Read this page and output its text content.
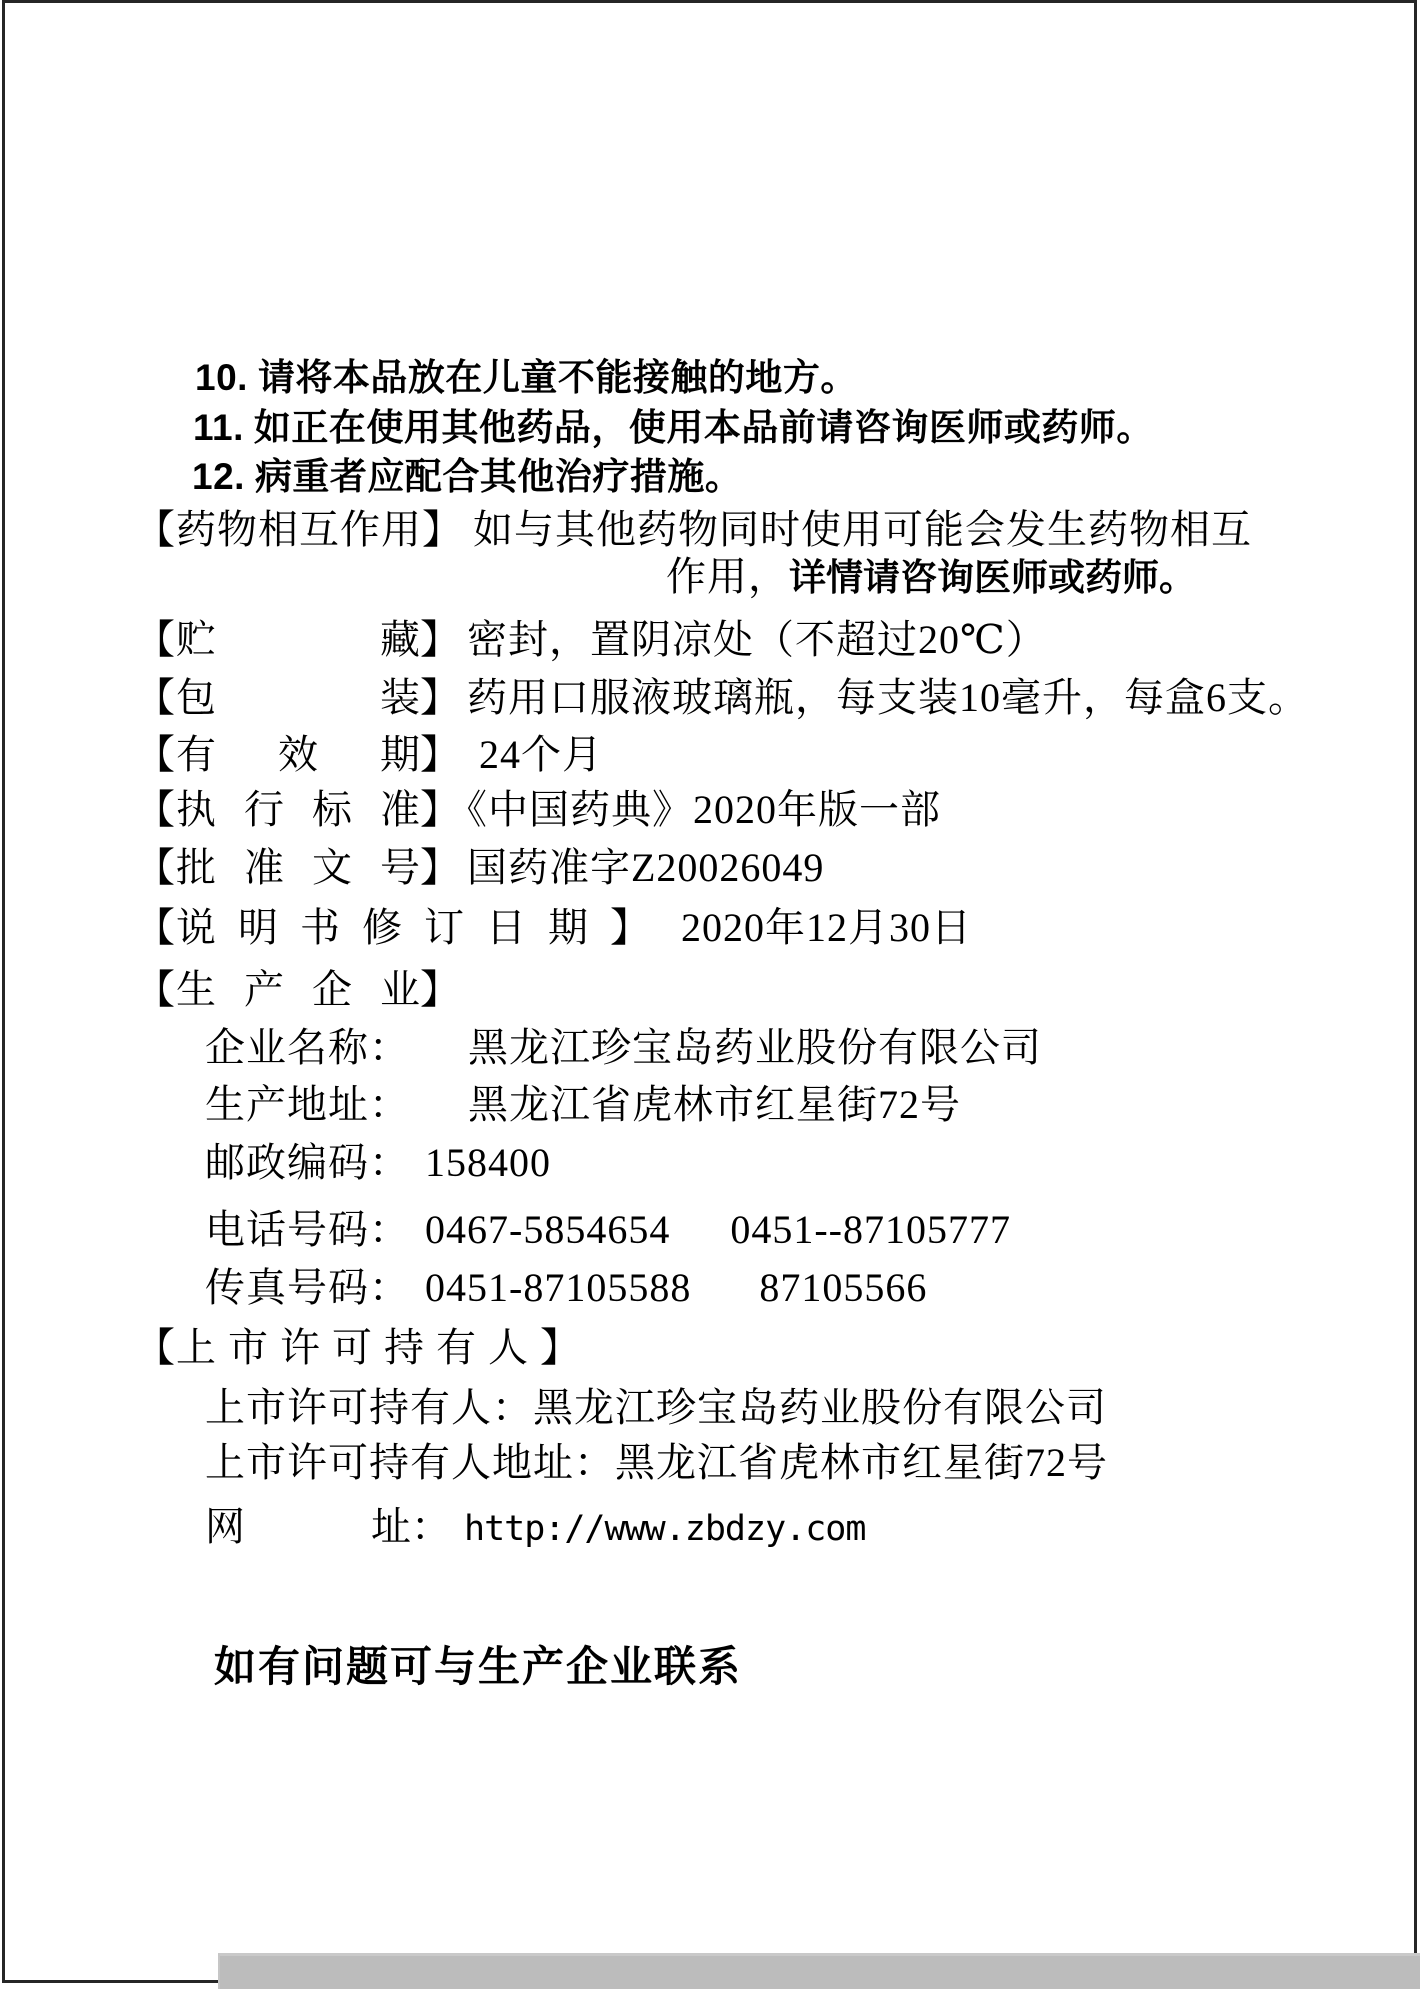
10. 请将本品放在儿童不能接触的地方。
11. 如正在使用其他药品，使用本品前请咨询医师或药师。
12. 病重者应配合其他治疗措施。
【药物相互作用】 如与其他药物同时使用可能会发生药物相互
作用，详情请咨询医师或药师。
【贮藏】 密封，置阴凉处（不超过20℃）
【包装】 药用口服液玻璃瓶，每支装10毫升，每盒6支。
【有效期】 24个月
【执行标准】 《中国药典》2020年版一部
【批准文号】 国药准字Z20026049
【说明书修订日期】 2020年12月30日
【生产企业】
企业名称： 黑龙江珍宝岛药业股份有限公司
生产地址： 黑龙江省虎林市红星街72号
邮政编码： 158400
电话号码： 0467-5854654 0451--87105777
传真号码： 0451-87105588 87105566
【上市许可持有人】
上市许可持有人：黑龙江珍宝岛药业股份有限公司
上市许可持有人地址：黑龙江省虎林市红星街72号
网址： http://www.zbdzy.com
如有问题可与生产企业联系
